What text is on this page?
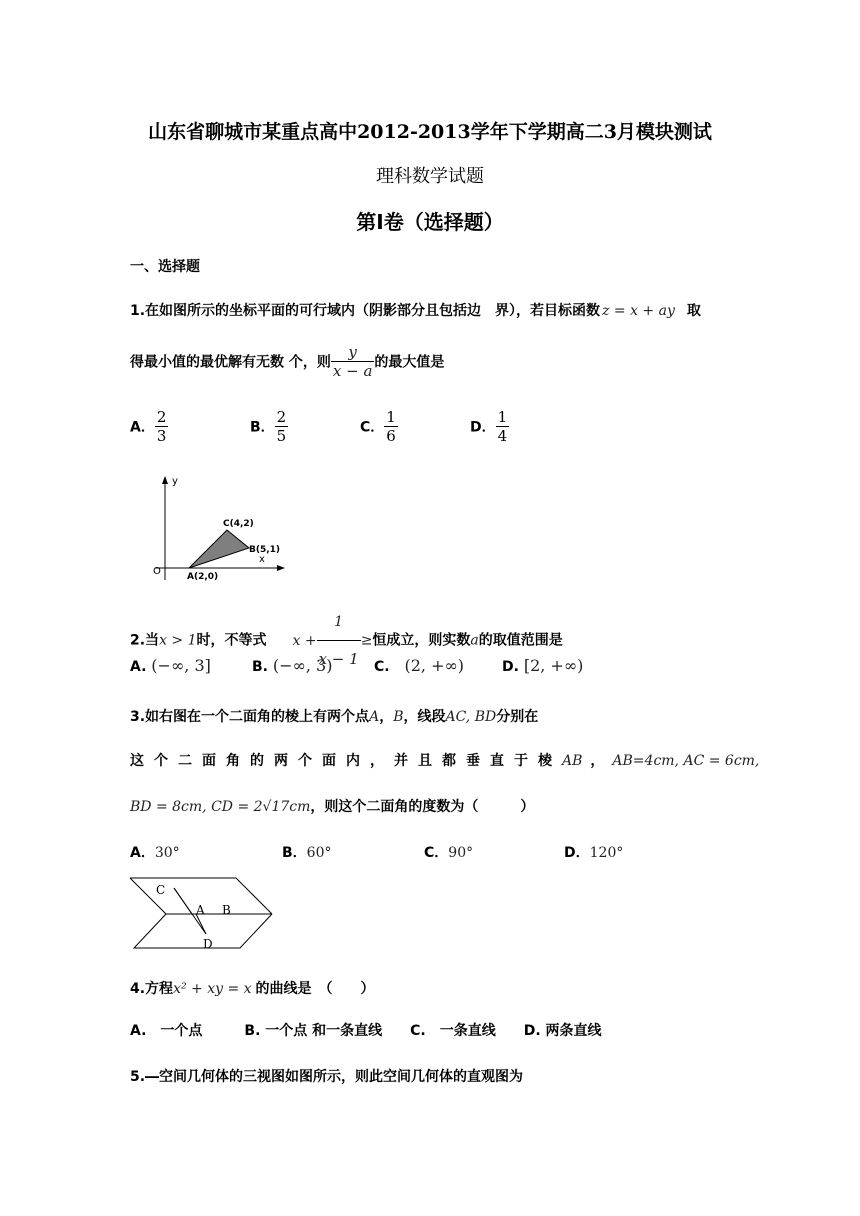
山东省聊城市某重点高中2012-2013学年下学期高二3月模块测试
理科数学试题
第I卷（选择题）
一、选择题
1.在如图所示的坐标平面的可行域内（阴影部分且包括边　界），若目标函数 z = x + ay 取
得最小值的最优解有无数 个，则 $\frac{y}{x - a}$ 的最大值是
A． $\frac{2}{3}$	B． $\frac{2}{5}$	C． $\frac{1}{6}$	D． $\frac{1}{4}$
y
x
O	A(2,0)
B(5,1)
C(4,2)
2.当x > 1时，不等式 $x + \frac{1}{x - 1}$ ≥恒成立，则实数a的取值范围是
A. (−∞, 3]	B. (−∞, 3)	C. (2, +∞)	D. [2, +∞)
3.如右图在一个二面角的棱上有两个点A，B，线段AC, BD分别在
这个二面角的两个面内，并且都垂直于棱AB ， AB=4cm, AC = 6cm,
BD = 8cm, CD = 2√17cm，则这个二面角的度数为（　　　）
A．30°	B．60°	C．90°	D．120°
C
A B
D
4.方程x² + xy = x 的曲线是　（　　）
A.　一个点　　　B. 一个点 和一条直线　　C.　一条直线　　D. 两条直线
5.―空间几何体的三视图如图所示，则此空间几何体的直观图为
